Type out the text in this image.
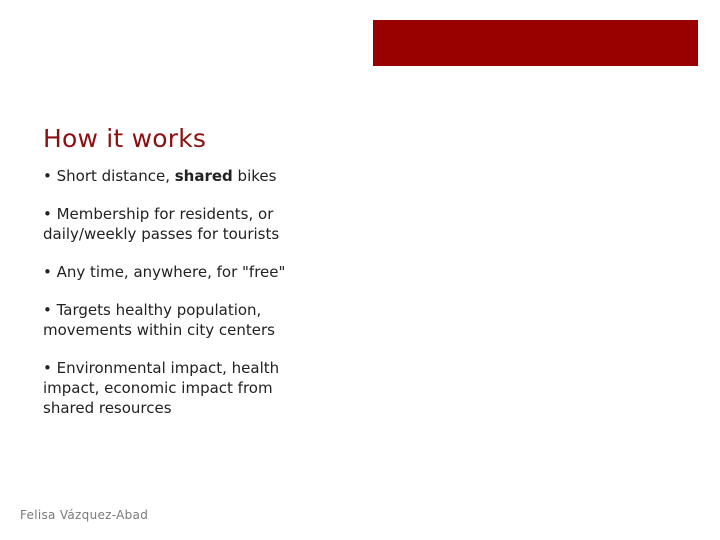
How it works
• Short distance, shared bikes
• Membership for residents, or daily/weekly passes for tourists
• Any time, anywhere, for "free"
• Targets healthy population, movements within city centers
• Environmental impact, health impact, economic impact from shared resources
Felisa Vázquez-Abad
